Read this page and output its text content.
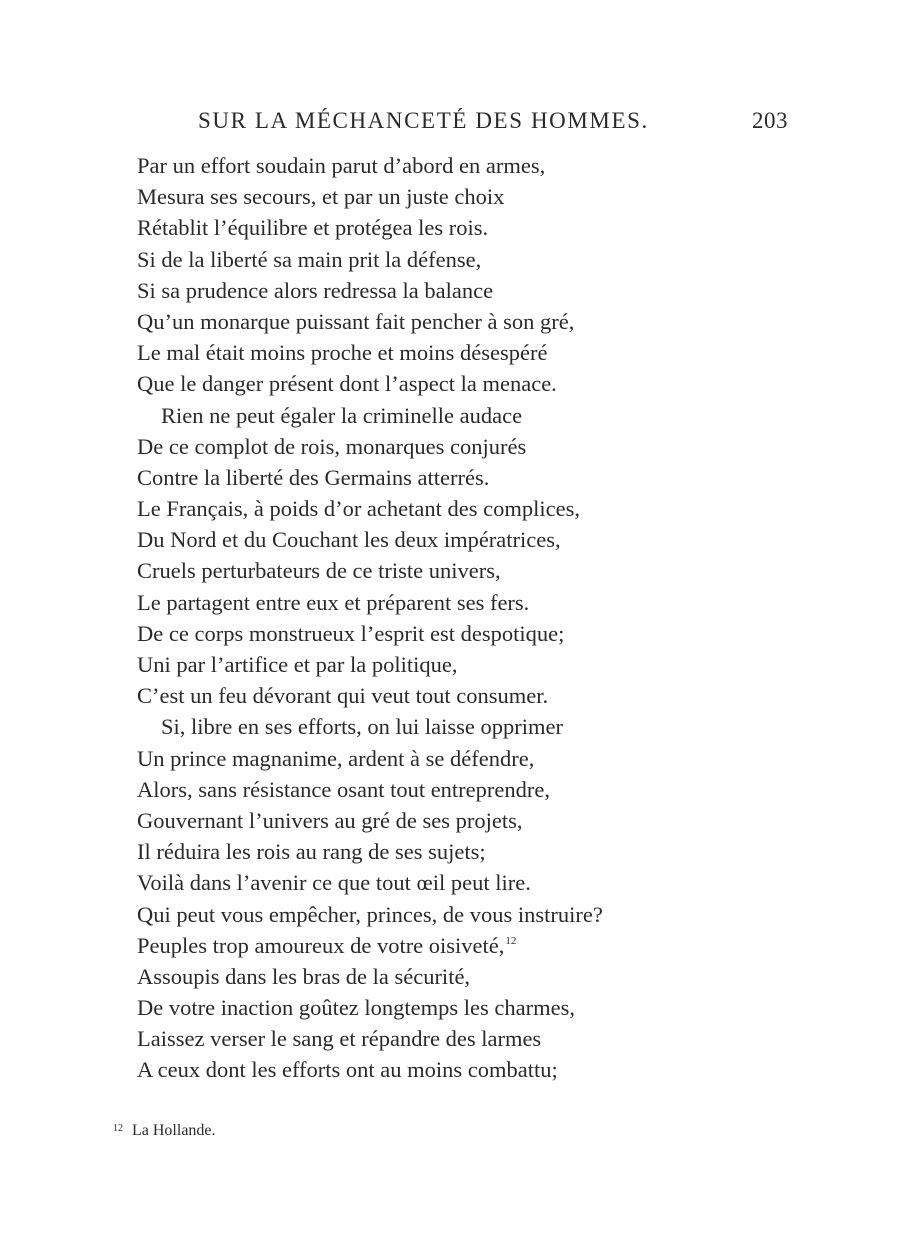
SUR LA MÉCHANCETÉ DES HOMMES.	203
Par un effort soudain parut d’abord en armes,
Mesura ses secours, et par un juste choix
Rétablit l’équilibre et protégea les rois.
Si de la liberté sa main prit la défense,
Si sa prudence alors redressa la balance
Qu’un monarque puissant fait pencher à son gré,
Le mal était moins proche et moins désespéré
Que le danger présent dont l’aspect la menace.
Rien ne peut égaler la criminelle audace
De ce complot de rois, monarques conjurés
Contre la liberté des Germains atterrés.
Le Français, à poids d’or achetant des complices,
Du Nord et du Couchant les deux impératrices,
Cruels perturbateurs de ce triste univers,
Le partagent entre eux et préparent ses fers.
De ce corps monstrueux l’esprit est despotique;
Uni par l’artifice et par la politique,
C’est un feu dévorant qui veut tout consumer.
Si, libre en ses efforts, on lui laisse opprimer
Un prince magnanime, ardent à se défendre,
Alors, sans résistance osant tout entreprendre,
Gouvernant l’univers au gré de ses projets,
Il réduira les rois au rang de ses sujets;
Voilà dans l’avenir ce que tout œil peut lire.
Qui peut vous empêcher, princes, de vous instruire?
Peuples trop amoureux de votre oisiveté,$^{12}$
Assoupis dans les bras de la sécurité,
De votre inaction goûtez longtemps les charmes,
Laissez verser le sang et répandre des larmes
A ceux dont les efforts ont au moins combattu;
$^{12}$ La Hollande.
